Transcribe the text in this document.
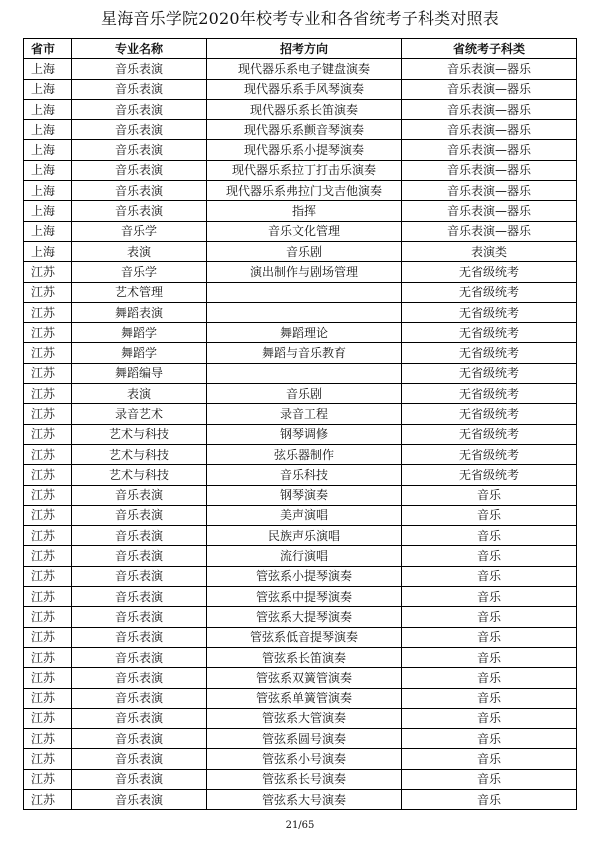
星海音乐学院2020年校考专业和各省统考子科类对照表
省市	专业名称	招考方向	省统考子科类
上海	音乐表演	现代器乐系电子键盘演奏	音乐表演—器乐
上海	音乐表演	现代器乐系手风琴演奏	音乐表演—器乐
上海	音乐表演	现代器乐系长笛演奏	音乐表演—器乐
上海	音乐表演	现代器乐系颤音琴演奏	音乐表演—器乐
上海	音乐表演	现代器乐系小提琴演奏	音乐表演—器乐
上海	音乐表演	现代器乐系拉丁打击乐演奏	音乐表演—器乐
上海	音乐表演	现代器乐系弗拉门戈吉他演奏	音乐表演—器乐
上海	音乐表演	指挥	音乐表演—器乐
上海	音乐学	音乐文化管理	音乐表演—器乐
上海	表演	音乐剧	表演类
江苏	音乐学	演出制作与剧场管理	无省级统考
江苏	艺术管理		无省级统考
江苏	舞蹈表演		无省级统考
江苏	舞蹈学	舞蹈理论	无省级统考
江苏	舞蹈学	舞蹈与音乐教育	无省级统考
江苏	舞蹈编导		无省级统考
江苏	表演	音乐剧	无省级统考
江苏	录音艺术	录音工程	无省级统考
江苏	艺术与科技	钢琴调修	无省级统考
江苏	艺术与科技	弦乐器制作	无省级统考
江苏	艺术与科技	音乐科技	无省级统考
江苏	音乐表演	钢琴演奏	音乐
江苏	音乐表演	美声演唱	音乐
江苏	音乐表演	民族声乐演唱	音乐
江苏	音乐表演	流行演唱	音乐
江苏	音乐表演	管弦系小提琴演奏	音乐
江苏	音乐表演	管弦系中提琴演奏	音乐
江苏	音乐表演	管弦系大提琴演奏	音乐
江苏	音乐表演	管弦系低音提琴演奏	音乐
江苏	音乐表演	管弦系长笛演奏	音乐
江苏	音乐表演	管弦系双簧管演奏	音乐
江苏	音乐表演	管弦系单簧管演奏	音乐
江苏	音乐表演	管弦系大管演奏	音乐
江苏	音乐表演	管弦系圆号演奏	音乐
江苏	音乐表演	管弦系小号演奏	音乐
江苏	音乐表演	管弦系长号演奏	音乐
江苏	音乐表演	管弦系大号演奏	音乐
21/65
